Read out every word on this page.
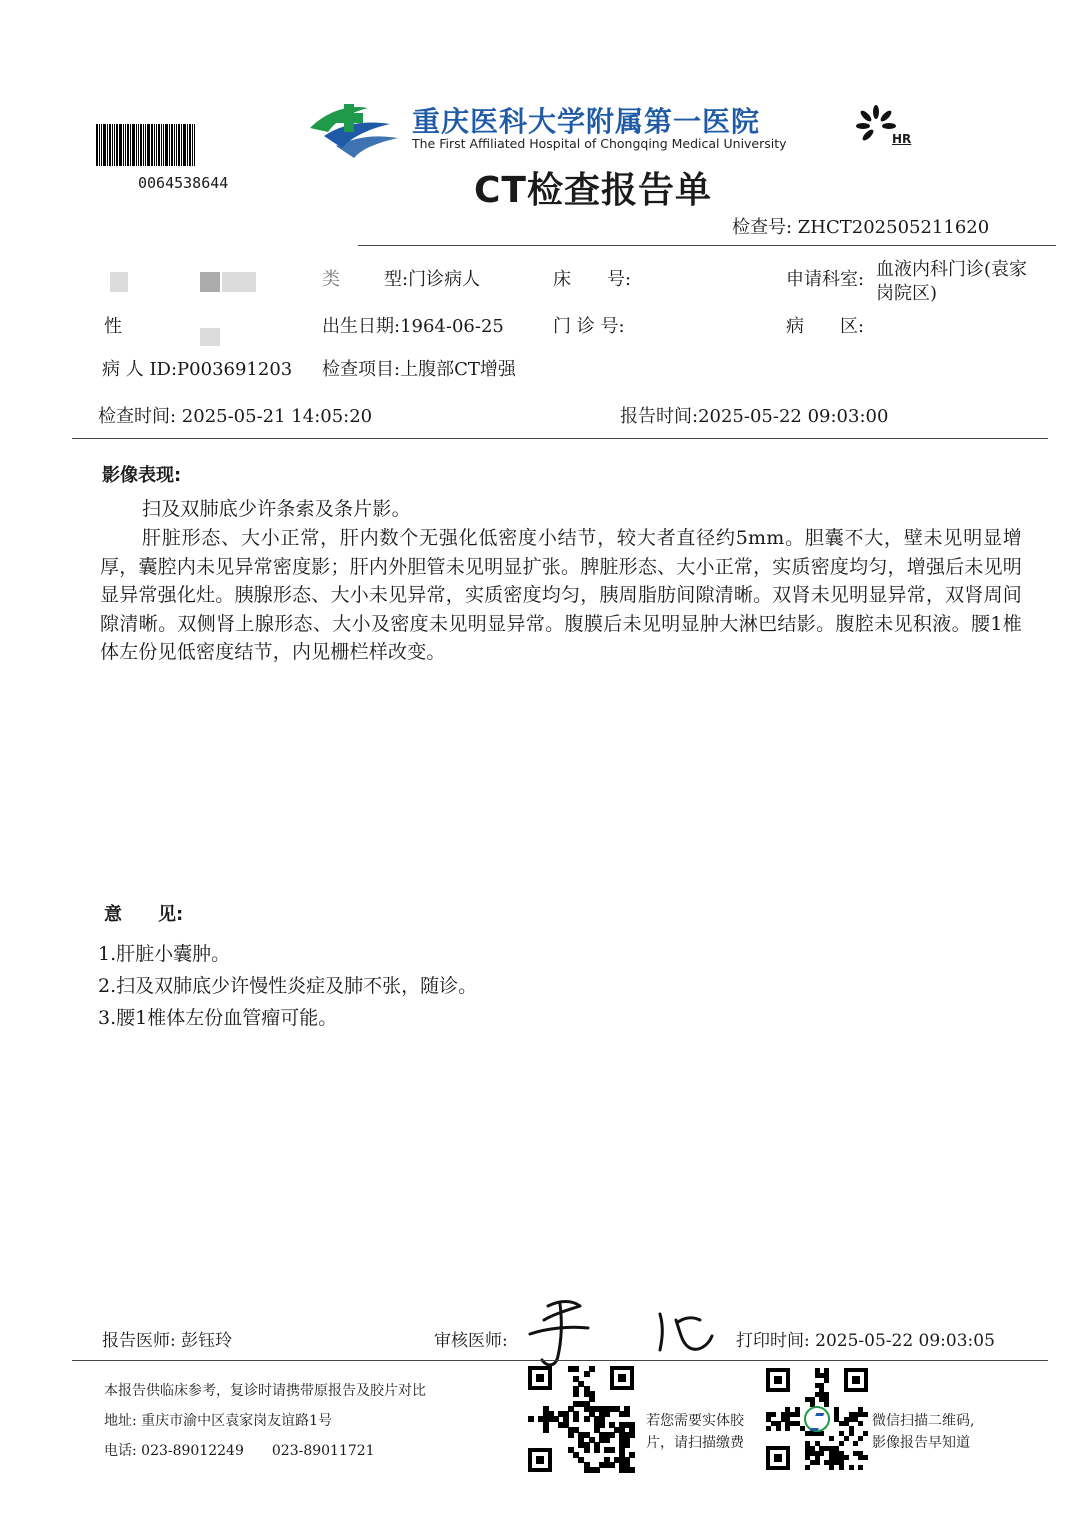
0064538644
重庆医科大学附属第一医院
The First Affiliated Hospital of Chongqing Medical University	HR
CT检查报告单
检查号: ZHCT202505211620
类 型:门诊病人	床　　号:	申请科室: 血液内科门诊(袁家岗院区)
性	出生日期:1964-06-25	门 诊 号:	病　　区:
病 人 ID:P003691203 检查项目:上腹部CT增强
检查时间: 2025-05-21 14:05:20	报告时间:2025-05-22 09:03:00
影像表现:
扫及双肺底少许条索及条片影。
肝脏形态、大小正常，肝内数个无强化低密度小结节，较大者直径约5mm。胆囊不大，壁未见明显增厚，囊腔内未见异常密度影；肝内外胆管未见明显扩张。脾脏形态、大小正常，实质密度均匀，增强后未见明显异常强化灶。胰腺形态、大小未见异常，实质密度均匀，胰周脂肪间隙清晰。双肾未见明显异常，双肾周间隙清晰。双侧肾上腺形态、大小及密度未见明显异常。腹膜后未见明显肿大淋巴结影。腹腔未见积液。腰1椎体左份见低密度结节，内见栅栏样改变。
意　　见:
1.肝脏小囊肿。
2.扫及双肺底少许慢性炎症及肺不张，随诊。
3.腰1椎体左份血管瘤可能。
报告医师: 彭钰玲	审核医师:	打印时间: 2025-05-22 09:03:05
本报告供临床参考，复诊时请携带原报告及胶片对比
地址: 重庆市渝中区袁家岗友谊路1号
电话: 023-89012249　　023-89011721
若您需要实体胶
片，请扫描缴费
微信扫描二维码,
影像报告早知道
